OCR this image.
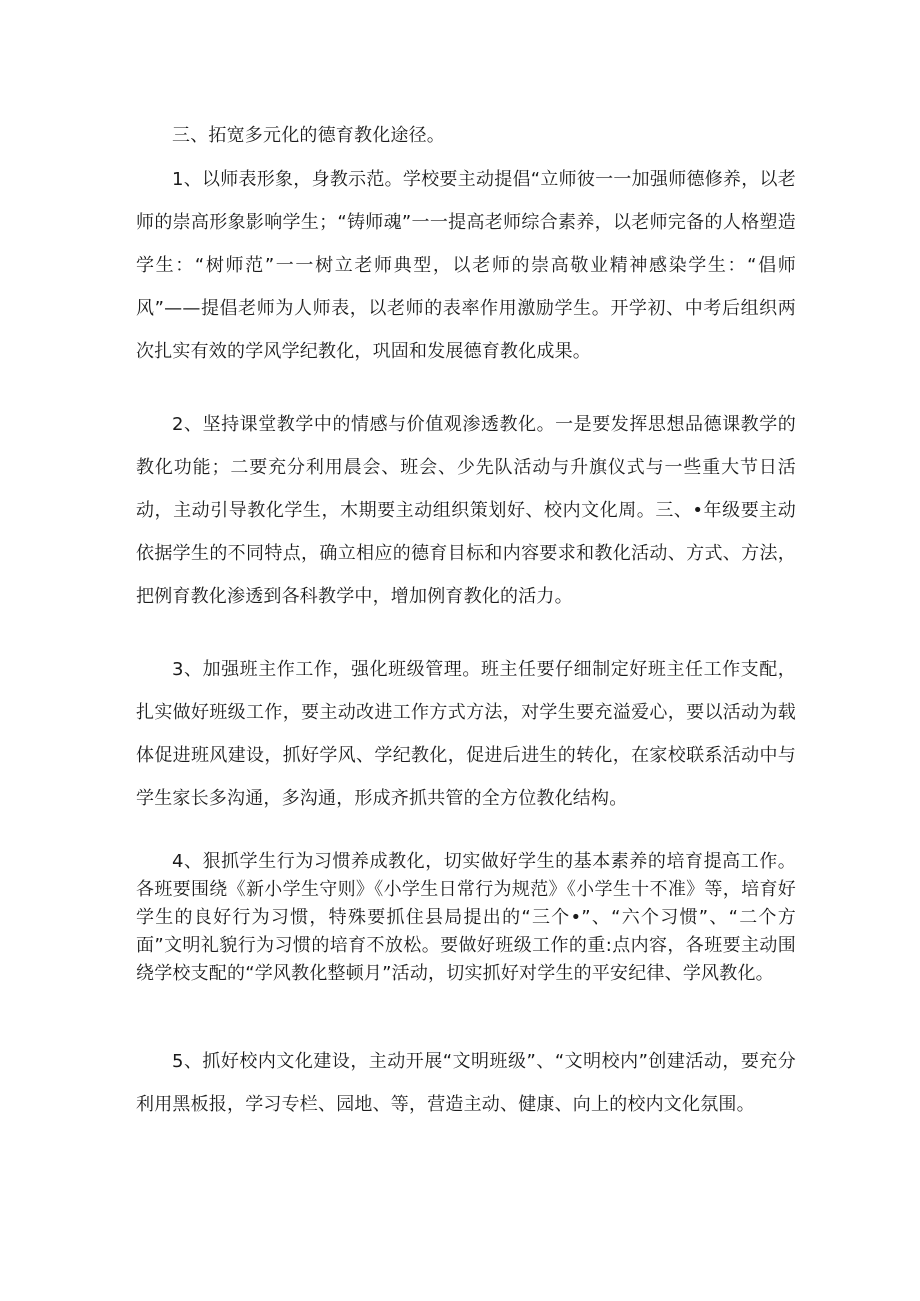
三、拓宽多元化的德育教化途径。

1、以师表形象，身教示范。学校要主动提倡“立师彼一一加强师德修养，以老师的崇高形象影响学生；“铸师魂”一一提高老师综合素养，以老师完备的人格塑造学生：“树师范”一一树立老师典型，以老师的崇高敬业精神感染学生：“倡师风”——提倡老师为人师表，以老师的表率作用激励学生。开学初、中考后组织两次扎实有效的学风学纪教化，巩固和发展德育教化成果。

2、坚持课堂教学中的情感与价值观渗透教化。一是要发挥思想品德课教学的教化功能；二要充分利用晨会、班会、少先队活动与升旗仪式与一些重大节日活动，主动引导教化学生，木期要主动组织策划好、校内文化周。三、•年级要主动依据学生的不同特点，确立相应的德育目标和内容要求和教化活动、方式、方法，把例育教化渗透到各科教学中，增加例育教化的活力。

3、加强班主作工作，强化班级管理。班主任要仔细制定好班主任工作支配，扎实做好班级工作，要主动改进工作方式方法，对学生要充溢爱心，要以活动为载体促进班风建设，抓好学风、学纪教化，促进后进生的转化，在家校联系活动中与学生家长多沟通，多沟通，形成齐抓共管的全方位教化结构。

4、狠抓学生行为习惯养成教化，切实做好学生的基本素养的培育提高工作。各班要围绕《新小学生守则》《小学生日常行为规范》《小学生十不准》等，培育好学生的良好行为习惯，特殊要抓住县局提出的“三个•”、“六个习惯”、“二个方面”文明礼貌行为习惯的培育不放松。要做好班级工作的重:点内容，各班要主动围绕学校支配的“学风教化整顿月”活动，切实抓好对学生的平安纪律、学风教化。

5、抓好校内文化建设，主动开展“文明班级”、“文明校内”创建活动，要充分利用黑板报，学习专栏、园地、等，营造主动、健康、向上的校内文化氛围。
